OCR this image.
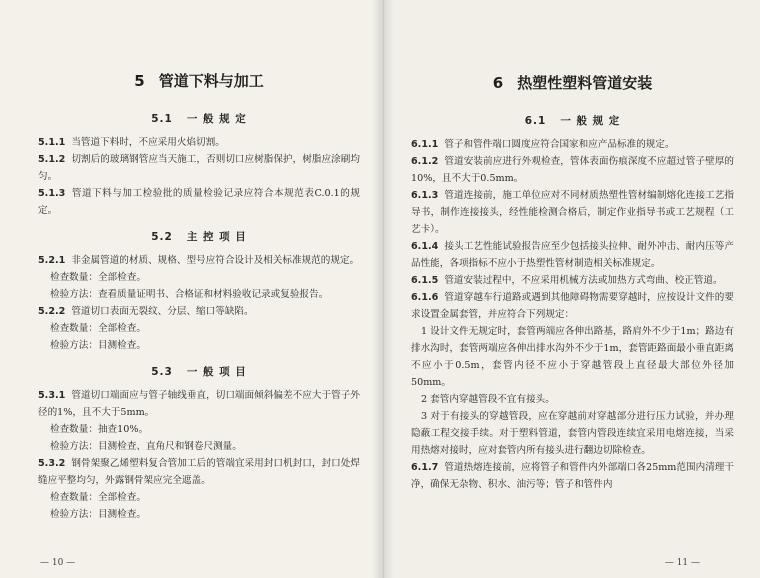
5 管道下料与加工
5.1 一 般 规 定

5.1.1 当管道下料时，不应采用火焰切割。

5.1.2 切割后的玻璃钢管应当天施工，否则切口应树脂保护，树脂应涂刷均匀。

5.1.3 管道下料与加工检验批的质量检验记录应符合本规范表C.0.1的规定。

5.2 主 控 项 目

5.2.1 非金属管道的材质、规格、型号应符合设计及相关标准规范的规定。

检查数量：全部检查。

检验方法：查看质量证明书、合格证和材料验收记录或复验报告。

5.2.2 管道切口表面无裂纹、分层、缩口等缺陷。

检查数量：全部检查。

检验方法：目测检查。

5.3 一 般 项 目

5.3.1 管道切口端面应与管子轴线垂直，切口端面倾斜偏差不应大于管子外径的1%，且不大于5mm。

检查数量：抽查10%。

检验方法：目测检查、直角尺和钢卷尺测量。

5.3.2 钢骨架聚乙烯塑料复合管加工后的管端宜采用封口机封口，封口处焊缝应平整均匀，外露钢骨架应完全遮盖。

检查数量：全部检查。

检验方法：目测检查。

— 10 —
6 热塑性塑料管道安装
6.1 一 般 规 定

6.1.1 管子和管件端口圆度应符合国家和应产品标准的规定。

6.1.2 管道安装前应进行外观检查，管体表面伤痕深度不应超过管子壁厚的10%，且不大于0.5mm。

6.1.3 管道连接前，施工单位应对不同材质热塑性管材编制熔化连接工艺指导书，制作连接接头，经性能检测合格后，制定作业指导书或工艺规程（工艺卡）。

6.1.4 接头工艺性能试验报告应至少包括接头拉伸、耐外冲击、耐内压等产品性能，各项指标不应小于热塑性管材制造相关标准规定。

6.1.5 管道安装过程中，不应采用机械方法或加热方式弯曲、校正管道。

6.1.6 管道穿越车行道路或遇到其他障碍物需要穿越时，应按设计文件的要求设置金属套管，并应符合下列规定：

1 设计文件无规定时，套管两端应各伸出路基，路肩外不少于1m；路边有排水沟时，套管两端应各伸出排水沟外不少于1m，套管距路面最小垂直距离不应小于0.5m，套管内径不应小于穿越管段上直径最大部位外径加50mm。

2 套管内穿越管段不宜有接头。

3 对于有接头的穿越管段，应在穿越前对穿越部分进行压力试验，并办理隐蔽工程交接手续。对于塑料管道，套管内管段连续宜采用电熔连接，当采用热熔对接时，应对套管内所有接头进行翻边切除检查。

6.1.7 管道热熔连接前，应将管子和管件内外部端口各25mm范围内清理干净，确保无杂物、积水、油污等；管子和管件内

— 11 —
